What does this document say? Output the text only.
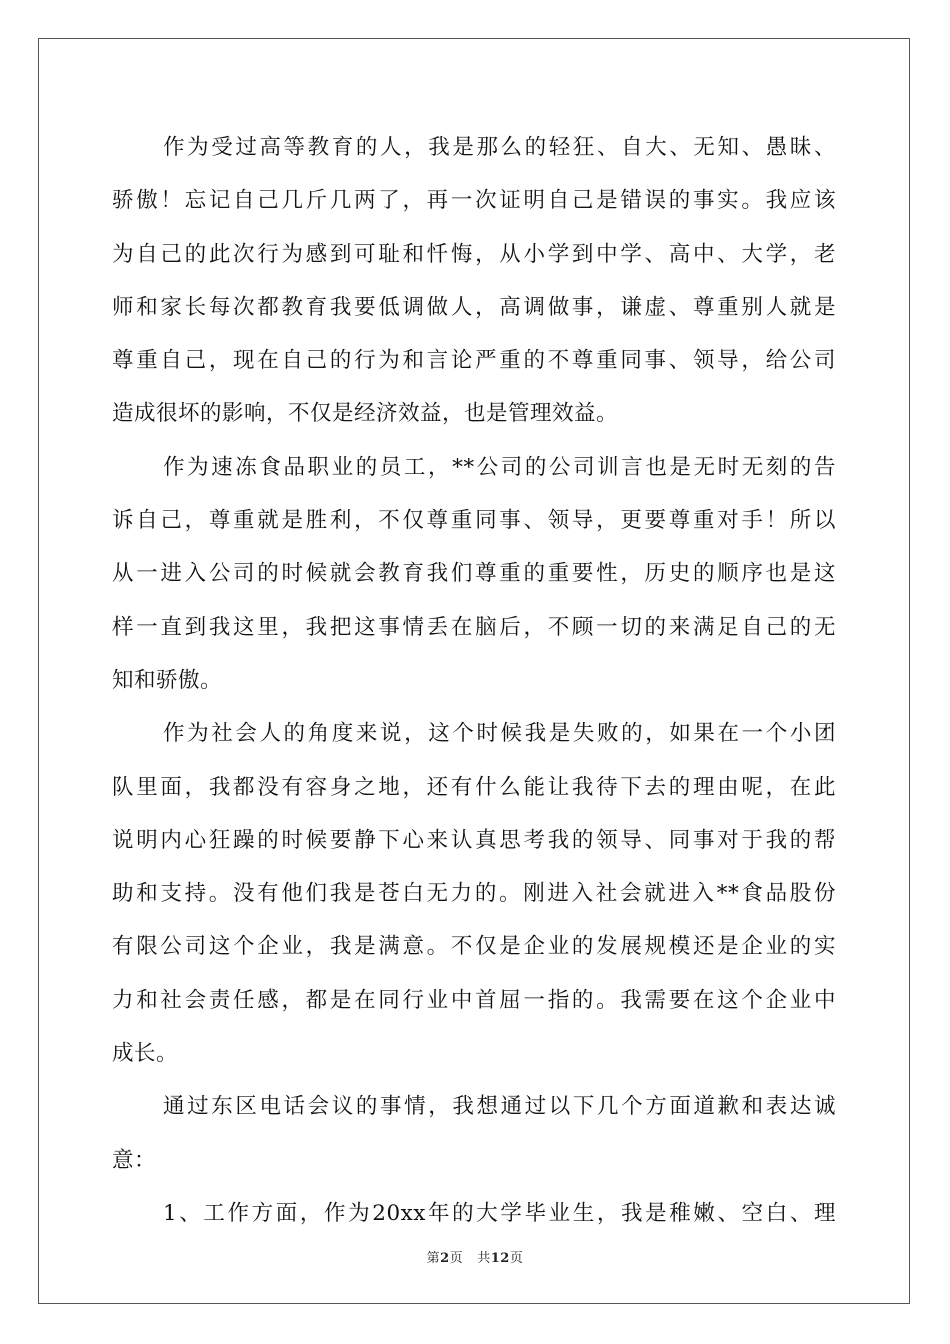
作为受过高等教育的人，我是那么的轻狂、自大、无知、愚昧、
骄傲！忘记自己几斤几两了，再一次证明自己是错误的事实。我应该
为自己的此次行为感到可耻和忏悔，从小学到中学、高中、大学，老
师和家长每次都教育我要低调做人，高调做事，谦虚、尊重别人就是
尊重自己，现在自己的行为和言论严重的不尊重同事、领导，给公司
造成很坏的影响，不仅是经济效益，也是管理效益。
作为速冻食品职业的员工，**公司的公司训言也是无时无刻的告
诉自己，尊重就是胜利，不仅尊重同事、领导，更要尊重对手！所以
从一进入公司的时候就会教育我们尊重的重要性，历史的顺序也是这
样一直到我这里，我把这事情丢在脑后，不顾一切的来满足自己的无
知和骄傲。
作为社会人的角度来说，这个时候我是失败的，如果在一个小团
队里面，我都没有容身之地，还有什么能让我待下去的理由呢，在此
说明内心狂躁的时候要静下心来认真思考我的领导、同事对于我的帮
助和支持。没有他们我是苍白无力的。刚进入社会就进入**食品股份
有限公司这个企业，我是满意。不仅是企业的发展规模还是企业的实
力和社会责任感，都是在同行业中首屈一指的。我需要在这个企业中
成长。
通过东区电话会议的事情，我想通过以下几个方面道歉和表达诚
意：
1、工作方面，作为20xx年的大学毕业生，我是稚嫩、空白、理
第2页 共12页
